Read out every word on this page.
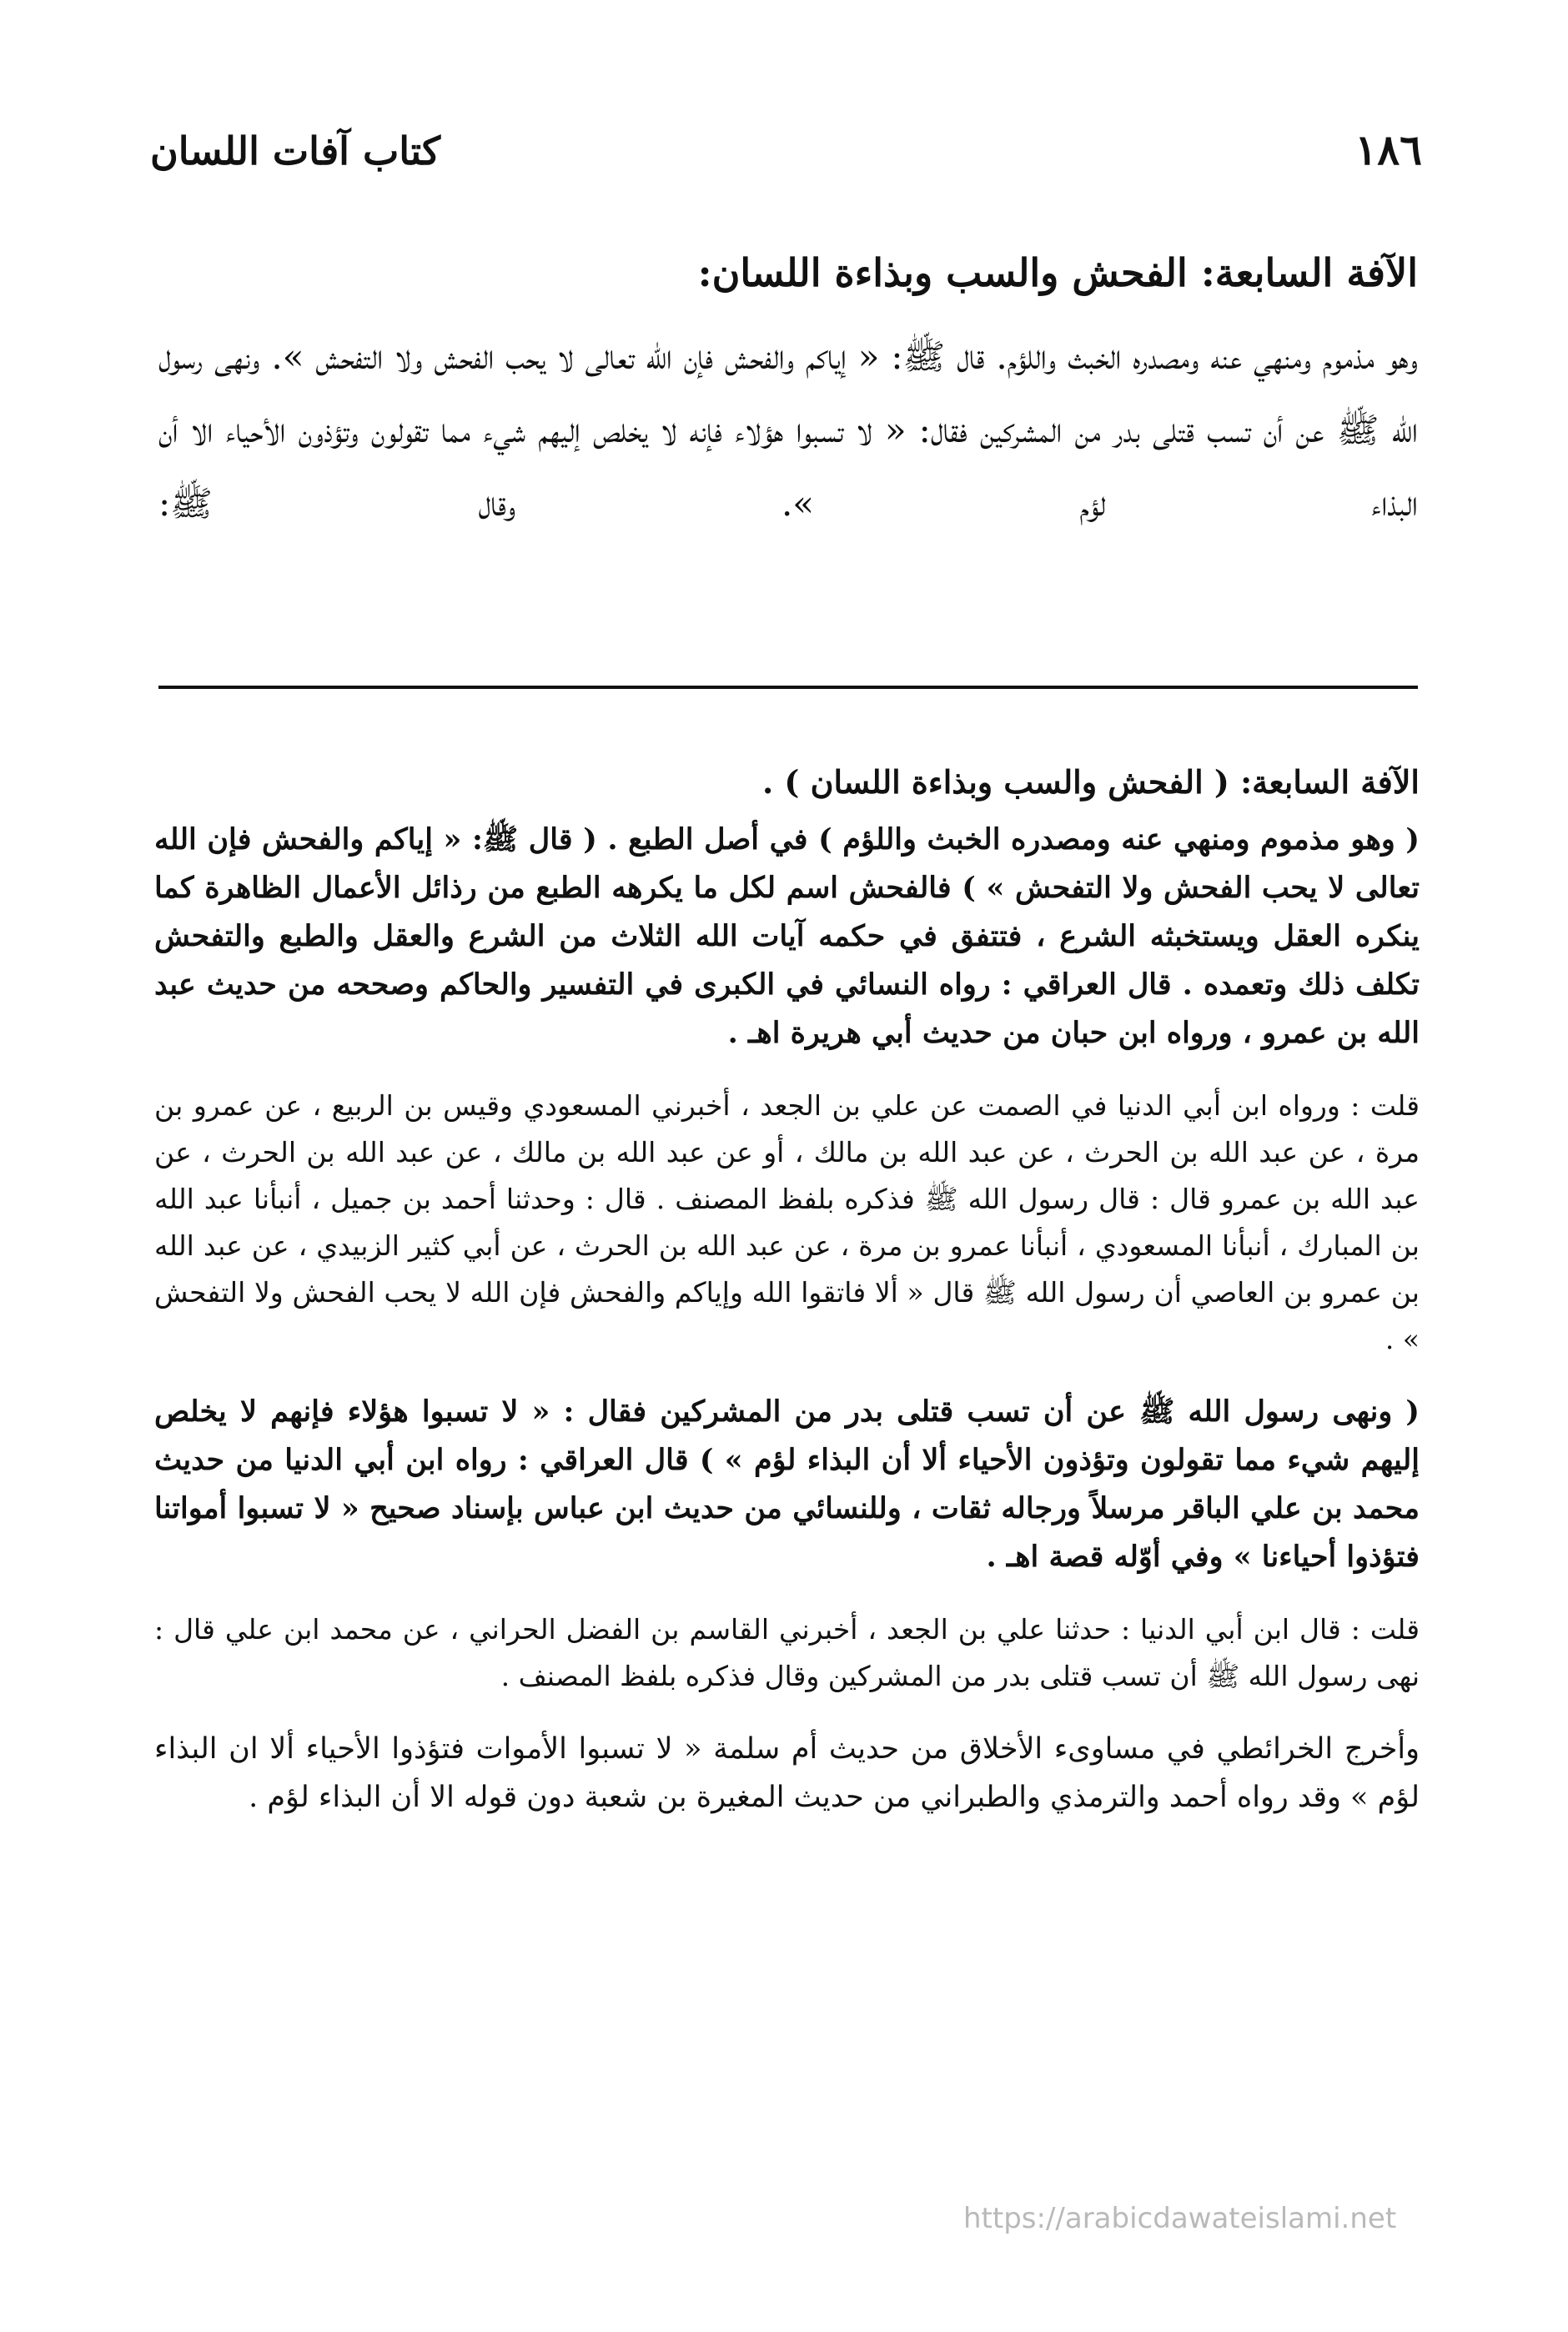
١٨٦
كتاب آفات اللسان

الآفة السابعة: الفحش والسب وبذاءة اللسان:

وهو مذموم ومنهي عنه ومصدره الخبث واللؤم. قال ﷺ: « إياكم والفحش فإن الله تعالى لا يحب الفحش ولا التفحش ». ونهى رسول الله ﷺ عن أن تسب قتلى بدر من المشركين فقال: « لا تسبوا هؤلاء فإنه لا يخلص إليهم شيء مما تقولون وتؤذون الأحياء الا أن البذاء لؤم ». وقال ﷺ:

الآفة السابعة: ( الفحش والسب وبذاءة اللسان ) .

( وهو مذموم ومنهي عنه ومصدره الخبث واللؤم ) في أصل الطبع . ( قال ﷺ: « إياكم والفحش فإن الله تعالى لا يحب الفحش ولا التفحش » ) فالفحش اسم لكل ما يكرهه الطبع من رذائل الأعمال الظاهرة كما ينكره العقل ويستخبثه الشرع ، فتتفق في حكمه آيات الله الثلاث من الشرع والعقل والطبع والتفحش تكلف ذلك وتعمده . قال العراقي : رواه النسائي في الكبرى في التفسير والحاكم وصححه من حديث عبد الله بن عمرو ، ورواه ابن حبان من حديث أبي هريرة اهـ .

قلت : ورواه ابن أبي الدنيا في الصمت عن علي بن الجعد ، أخبرني المسعودي وقيس بن الربيع ، عن عمرو بن مرة ، عن عبد الله بن الحرث ، عن عبد الله بن مالك ، أو عن عبد الله بن مالك ، عن عبد الله بن الحرث ، عن عبد الله بن عمرو قال : قال رسول الله ﷺ فذكره بلفظ المصنف . قال : وحدثنا أحمد بن جميل ، أنبأنا عبد الله بن المبارك ، أنبأنا المسعودي ، أنبأنا عمرو بن مرة ، عن عبد الله بن الحرث ، عن أبي كثير الزبيدي ، عن عبد الله بن عمرو بن العاصي أن رسول الله ﷺ قال « ألا فاتقوا الله وإياكم والفحش فإن الله لا يحب الفحش ولا التفحش » .

( ونهى رسول الله ﷺ عن أن تسب قتلى بدر من المشركين فقال : « لا تسبوا هؤلاء فإنهم لا يخلص إليهم شيء مما تقولون وتؤذون الأحياء ألا أن البذاء لؤم » ) قال العراقي : رواه ابن أبي الدنيا من حديث محمد بن علي الباقر مرسلاً ورجاله ثقات ، وللنسائي من حديث ابن عباس بإسناد صحيح « لا تسبوا أمواتنا فتؤذوا أحياءنا » وفي أوّله قصة اهـ .

قلت : قال ابن أبي الدنيا : حدثنا علي بن الجعد ، أخبرني القاسم بن الفضل الحراني ، عن محمد ابن علي قال : نهى رسول الله ﷺ أن تسب قتلى بدر من المشركين وقال فذكره بلفظ المصنف .

وأخرج الخرائطي في مساوىء الأخلاق من حديث أم سلمة « لا تسبوا الأموات فتؤذوا الأحياء ألا ان البذاء لؤم » وقد رواه أحمد والترمذي والطبراني من حديث المغيرة بن شعبة دون قوله الا أن البذاء لؤم .

https://arabicdawateislami.net
